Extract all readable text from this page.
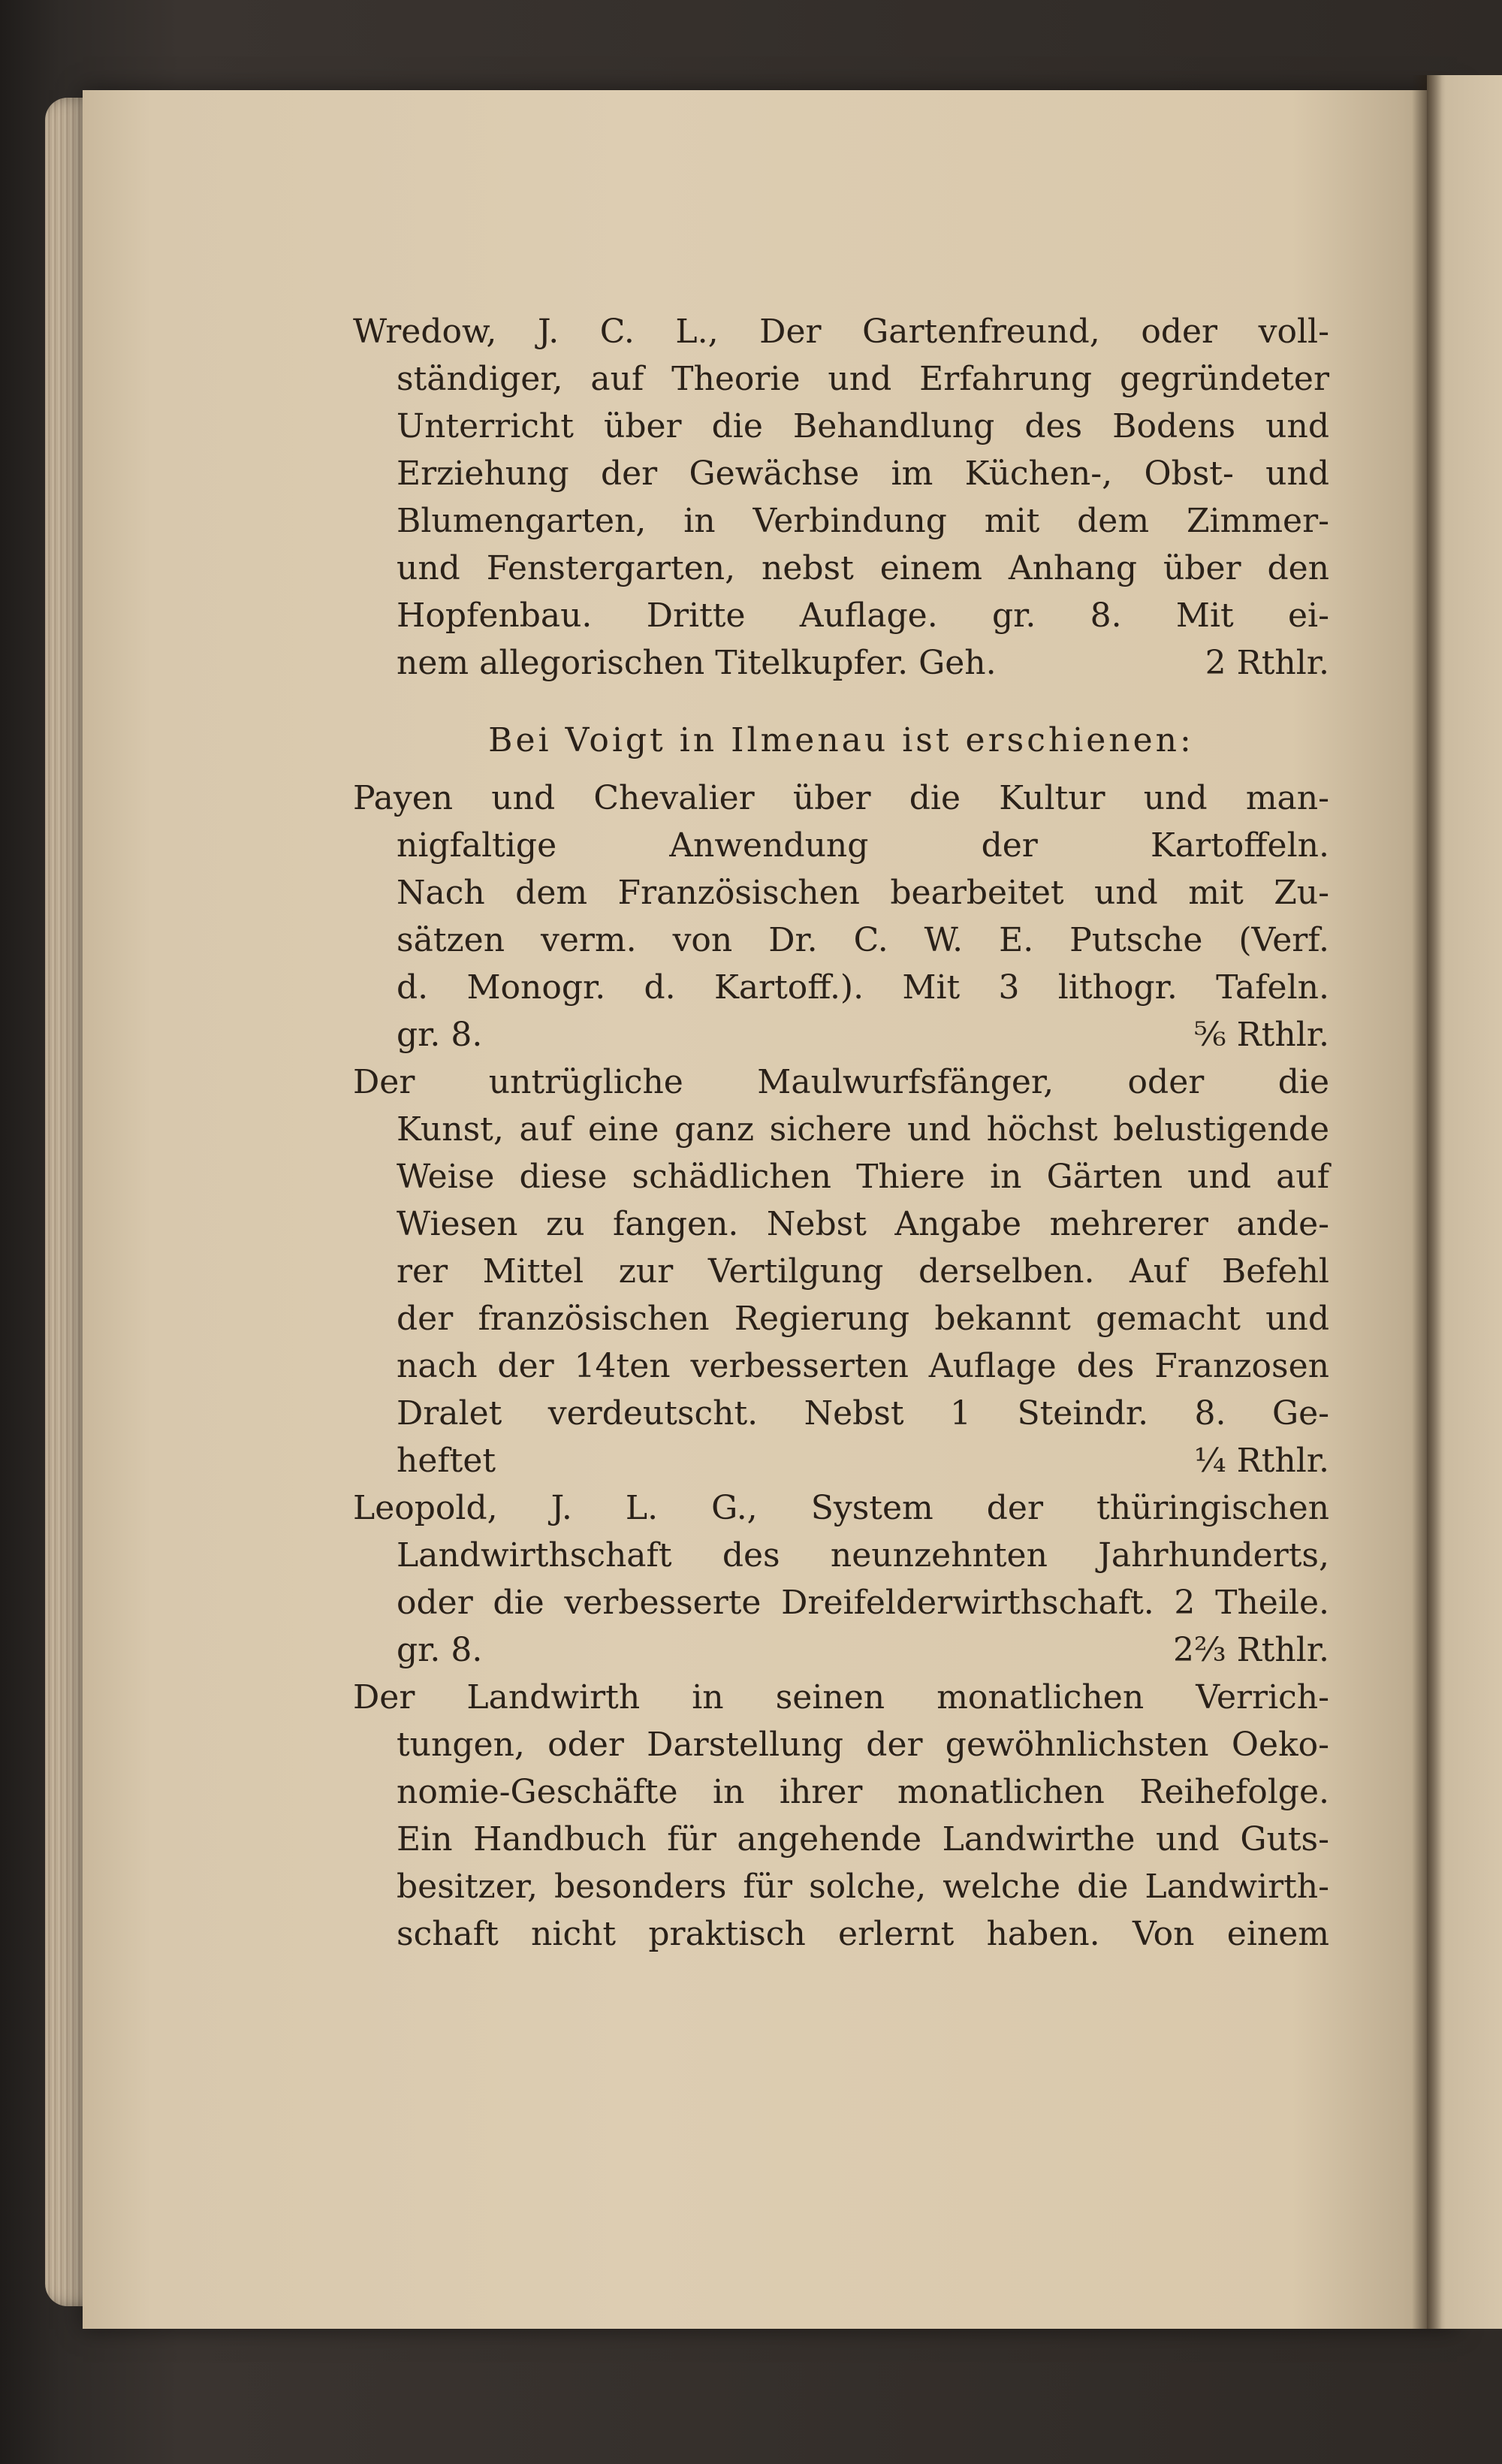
Wredow, J. C. L., Der Gartenfreund, oder voll-
ständiger, auf Theorie und Erfahrung gegründeter
Unterricht über die Behandlung des Bodens und
Erziehung der Gewächse im Küchen-, Obst- und
Blumengarten, in Verbindung mit dem Zimmer-
und Fenstergarten, nebst einem Anhang über den
Hopfenbau. Dritte Auflage. gr. 8. Mit ei-
nem allegorischen Titelkupfer. Geh.	2 Rthlr.
Bei Voigt in Ilmenau ist erschienen:
Payen und Chevalier über die Kultur und man-
nigfaltige Anwendung der Kartoffeln.
Nach dem Französischen bearbeitet und mit Zu-
sätzen verm. von Dr. C. W. E. Putsche (Verf.
d. Monogr. d. Kartoff.). Mit 3 lithogr. Tafeln.
gr. 8.	⅚ Rthlr.
Der untrügliche Maulwurfsfänger, oder die
Kunst, auf eine ganz sichere und höchst belustigende
Weise diese schädlichen Thiere in Gärten und auf
Wiesen zu fangen. Nebst Angabe mehrerer ande-
rer Mittel zur Vertilgung derselben. Auf Befehl
der französischen Regierung bekannt gemacht und
nach der 14ten verbesserten Auflage des Franzosen
Dralet verdeutscht. Nebst 1 Steindr. 8. Ge-
heftet	¼ Rthlr.
Leopold, J. L. G., System der thüringischen
Landwirthschaft des neunzehnten Jahrhunderts,
oder die verbesserte Dreifelderwirthschaft. 2 Theile.
gr. 8.	2⅔ Rthlr.
Der Landwirth in seinen monatlichen Verrich-
tungen, oder Darstellung der gewöhnlichsten Oeko-
nomie-Geschäfte in ihrer monatlichen Reihefolge.
Ein Handbuch für angehende Landwirthe und Guts-
besitzer, besonders für solche, welche die Landwirth-
schaft nicht praktisch erlernt haben. Von einem
